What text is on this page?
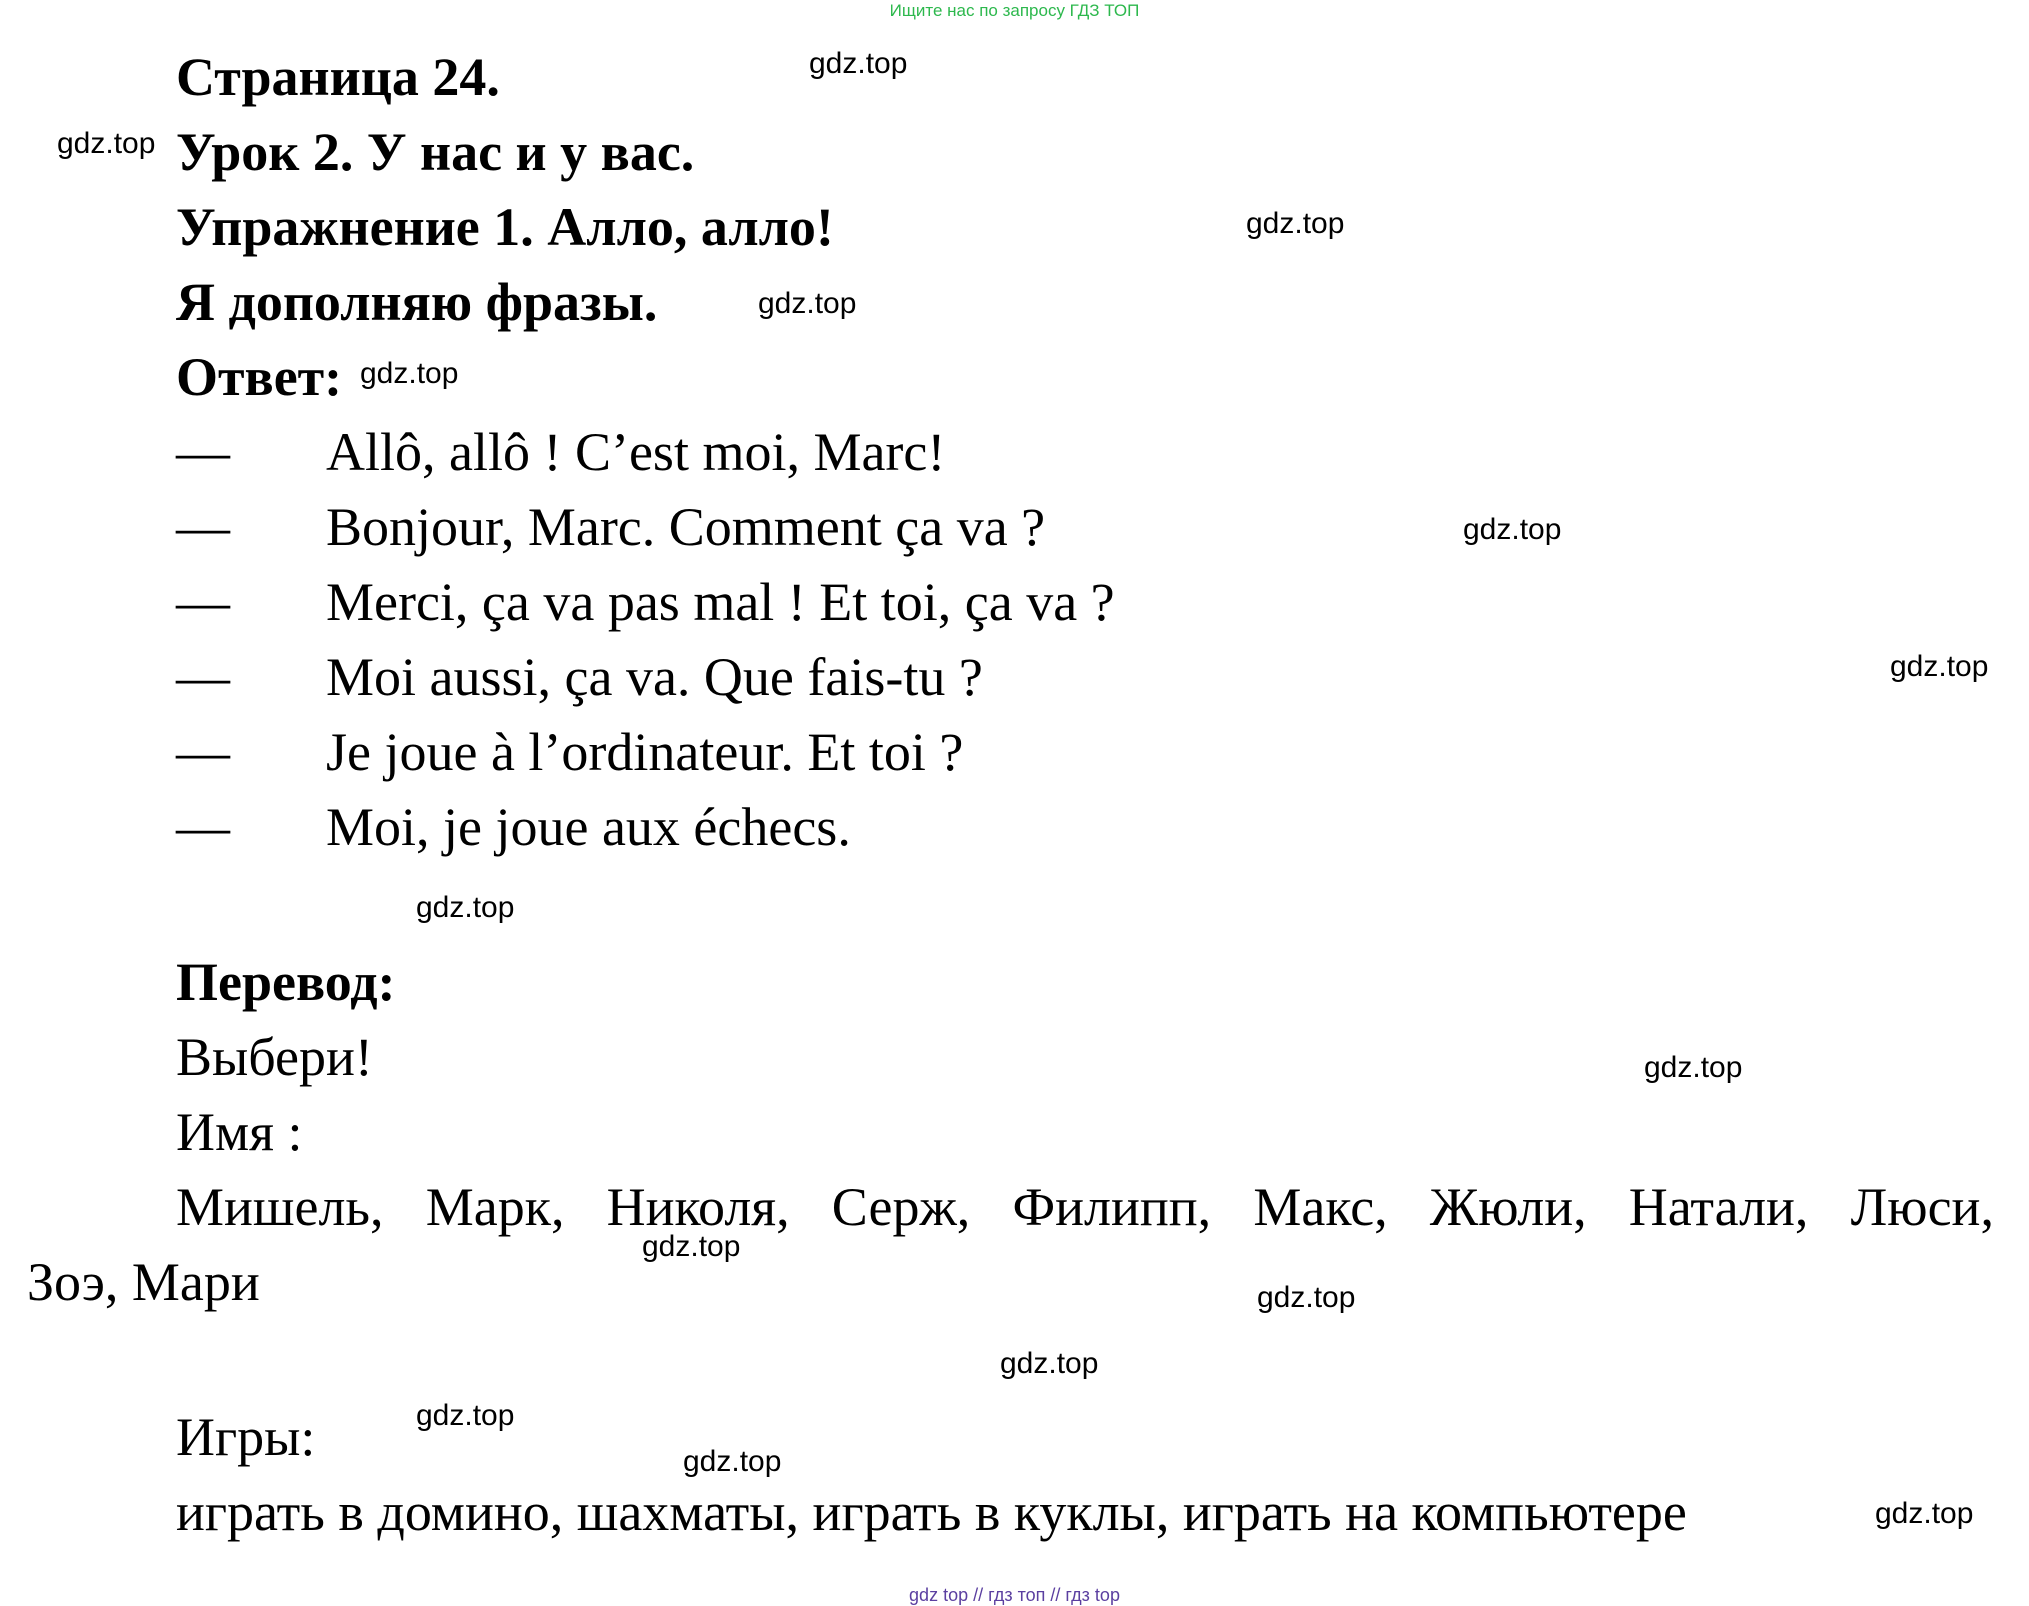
Ищите нас по запросу ГДЗ ТОП
Страница 24.
Урок 2. У нас и у вас.
Упражнение 1. Алло, алло!
Я дополняю фразы.
Ответ:
— Allô, allô ! C’est moi, Marc!
— Bonjour, Marc. Comment ça va ?
— Merci, ça va pas mal ! Et toi, ça va ?
— Moi aussi, ça va. Que fais-tu ?
— Je joue à l’ordinateur. Et toi ?
— Moi, je joue aux échecs.
Перевод:
Выбери!
Имя :
Мишель, Марк, Николя, Серж, Филипп, Макс, Жюли, Натали, Люси,
Зоэ, Мари
Игры:
играть в домино, шахматы, играть в куклы, играть на компьютере
gdz.top
gdz.top
gdz.top
gdz.top
gdz.top
gdz.top
gdz.top
gdz.top
gdz.top
gdz.top
gdz.top
gdz.top
gdz.top
gdz.top
gdz.top
gdz top // гдз топ // гдз top
